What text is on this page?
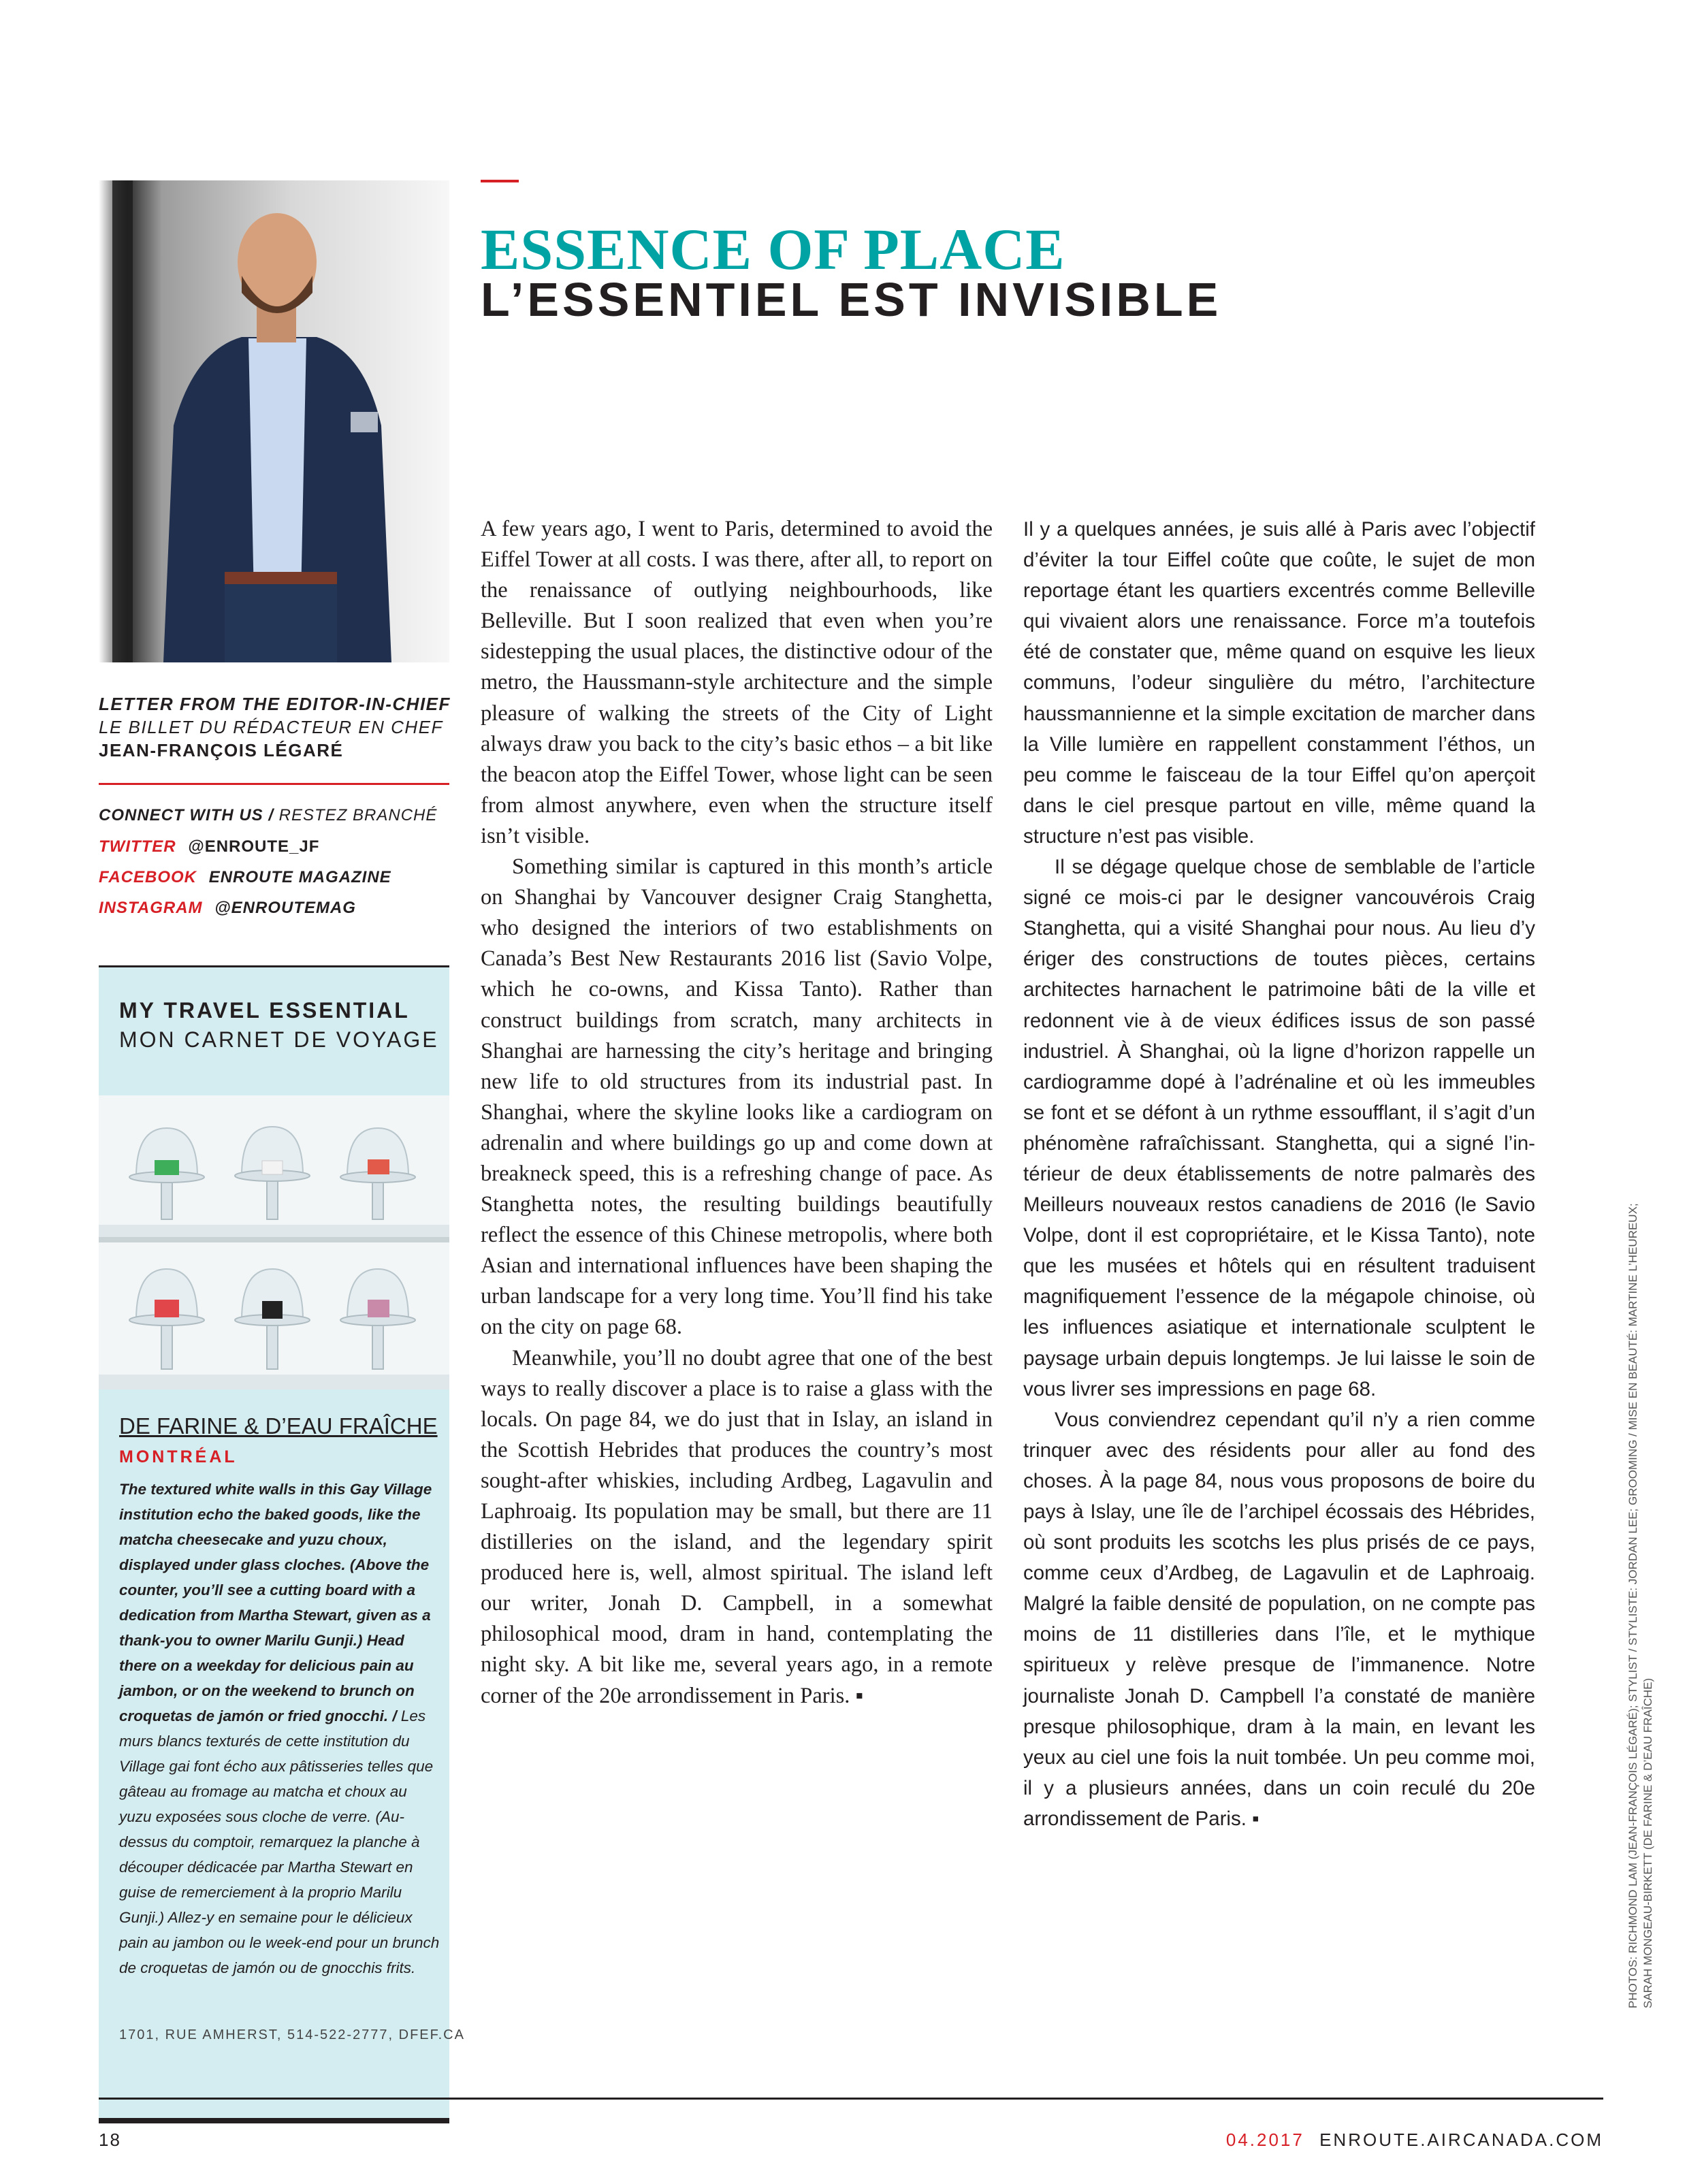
LETTER FROM THE EDITOR-IN-CHIEF
LE BILLET DU RÉDACTEUR EN CHEF
JEAN-FRANÇOIS LÉGARÉ
CONNECT WITH US / RESTEZ BRANCHÉ
TWITTER @ENROUTE_JF
FACEBOOK ENROUTE MAGAZINE
INSTAGRAM @ENROUTEMAG
MY TRAVEL ESSENTIAL
MON CARNET DE VOYAGE
DE FARINE & D’EAU FRAÎCHE
MONTRÉAL
The textured white walls in this Gay Village institution echo the baked goods, like the matcha cheesecake and yuzu choux, displayed under glass cloches. (Above the counter, you’ll see a cutting board with a dedication from Martha Stewart, given as a thank-you to owner Marilu Gunji.) Head there on a weekday for delicious pain au jambon, or on the weekend to brunch on croquetas de jamón or fried gnocchi. / Les murs blancs texturés de cette institution du Village gai font écho aux pâtisseries telles que gâteau au fromage au matcha et choux au yuzu exposées sous cloche de verre. (Au-dessus du comptoir, remarquez la planche à découper dédicacée par Martha Stewart en guise de remerciement à la proprio Marilu Gunji.) Allez-y en semaine pour le délicieux pain au jambon ou le week-end pour un brunch de croquetas de jamón ou de gnocchis frits.
1701, RUE AMHERST, 514-522-2777, DFEF.CA
ESSENCE OF PLACE
L’ESSENTIEL EST INVISIBLE

A few years ago, I went to Paris, determined to avoid the Eiffel Tower at all costs. I was there, after all, to report on the renaissance of outlying neighbourhoods, like Belleville. But I soon realized that even when you’re sidestepping the usual places, the distinctive odour of the metro, the Haussmann-style architecture and the simple pleasure of walking the streets of the City of Light always draw you back to the city’s basic ethos – a bit like the beacon atop the Eiffel Tower, whose light can be seen from almost anywhere, even when the structure itself isn’t visible.

Something similar is captured in this month’s article on Shanghai by Vancouver designer Craig Stanghetta, who designed the interiors of two establishments on Canada’s Best New Restaurants 2016 list (Savio Volpe, which he co-owns, and Kissa Tanto). Rather than construct buildings from scratch, many architects in Shanghai are harnessing the city’s heritage and bringing new life to old structures from its industrial past. In Shanghai, where the skyline looks like a cardiogram on adrenalin and where buildings go up and come down at breakneck speed, this is a refreshing change of pace. As Stanghetta notes, the resulting buildings beautifully reflect the essence of this Chinese metropolis, where both Asian and international influences have been shaping the urban landscape for a very long time. You’ll find his take on the city on page 68.

Meanwhile, you’ll no doubt agree that one of the best ways to really discover a place is to raise a glass with the locals. On page 84, we do just that in Islay, an island in the Scottish Hebrides that produces the country’s most sought-after whiskies, including Ardbeg, Lagavulin and Laphroaig. Its population may be small, but there are 11 distilleries on the island, and the legendary spirit produced here is, well, almost spiritual. The island left our writer, Jonah D. Campbell, in a somewhat philosophical mood, dram in hand, contemplating the night sky. A bit like me, several years ago, in a remote corner of the 20e arrondissement in Paris. ▪

Il y a quelques années, je suis allé à Paris avec l’objectif d’éviter la tour Eiffel coûte que coûte, le sujet de mon reportage étant les quartiers excentrés comme Belleville qui vivaient alors une renaissance. Force m’a toutefois été de constater que, même quand on esquive les lieux communs, l’odeur singulière du métro, l’architecture haussmannienne et la simple excitation de marcher dans la Ville lumière en rappellent constamment l’éthos, un peu comme le faisceau de la tour Eiffel qu’on aperçoit dans le ciel presque partout en ville, même quand la structure n’est pas visible.

Il se dégage quelque chose de semblable de l’article signé ce mois-ci par le designer vancouvérois Craig Stanghetta, qui a visité Shanghai pour nous. Au lieu d’y ériger des constructions de toutes pièces, certains architectes harnachent le patrimoine bâti de la ville et redonnent vie à de vieux édifices issus de son passé industriel. À Shanghai, où la ligne d’horizon rappelle un cardiogramme dopé à l’adrénaline et où les immeubles se font et se défont à un rythme essoufflant, il s’agit d’un phénomène rafraîchissant. Stanghetta, qui a signé l’intérieur de deux établissements de notre palmarès des Meilleurs nouveaux restos canadiens de 2016 (le Savio Volpe, dont il est copropriétaire, et le Kissa Tanto), note que les musées et hôtels qui en résultent traduisent magnifiquement l’essence de la mégapole chinoise, où les influences asiatique et internationale sculptent le paysage urbain depuis longtemps. Je lui laisse le soin de vous livrer ses impressions en page 68.

Vous conviendrez cependant qu’il n’y a rien comme trinquer avec des résidents pour aller au fond des choses. À la page 84, nous vous proposons de boire du pays à Islay, une île de l’archipel écossais des Hébrides, où sont produits les scotchs les plus prisés de ce pays, comme ceux d’Ardbeg, de Lagavulin et de Laphroaig. Malgré la faible densité de population, on ne compte pas moins de 11 distilleries dans l’île, et le mythique spiritueux y relève presque de l’immanence. Notre journaliste Jonah D. Campbell l’a constaté de manière presque philosophique, dram à la main, en levant les yeux au ciel une fois la nuit tombée. Un peu comme moi, il y a plusieurs années, dans un coin reculé du 20e arrondissement de Paris. ▪	PHOTOS: RICHMOND LAM (JEAN-FRANÇOIS LÉGARÉ); STYLIST / STYLISTE: JORDAN LEE; GROOMING / MISE EN BEAUTÉ: MARTINE L’HEUREUX; SARAH MONGEAU-BIRKETT (DE FARINE & D’EAU FRAÎCHE)
18	04.2017 ENROUTE.AIRCANADA.COM
